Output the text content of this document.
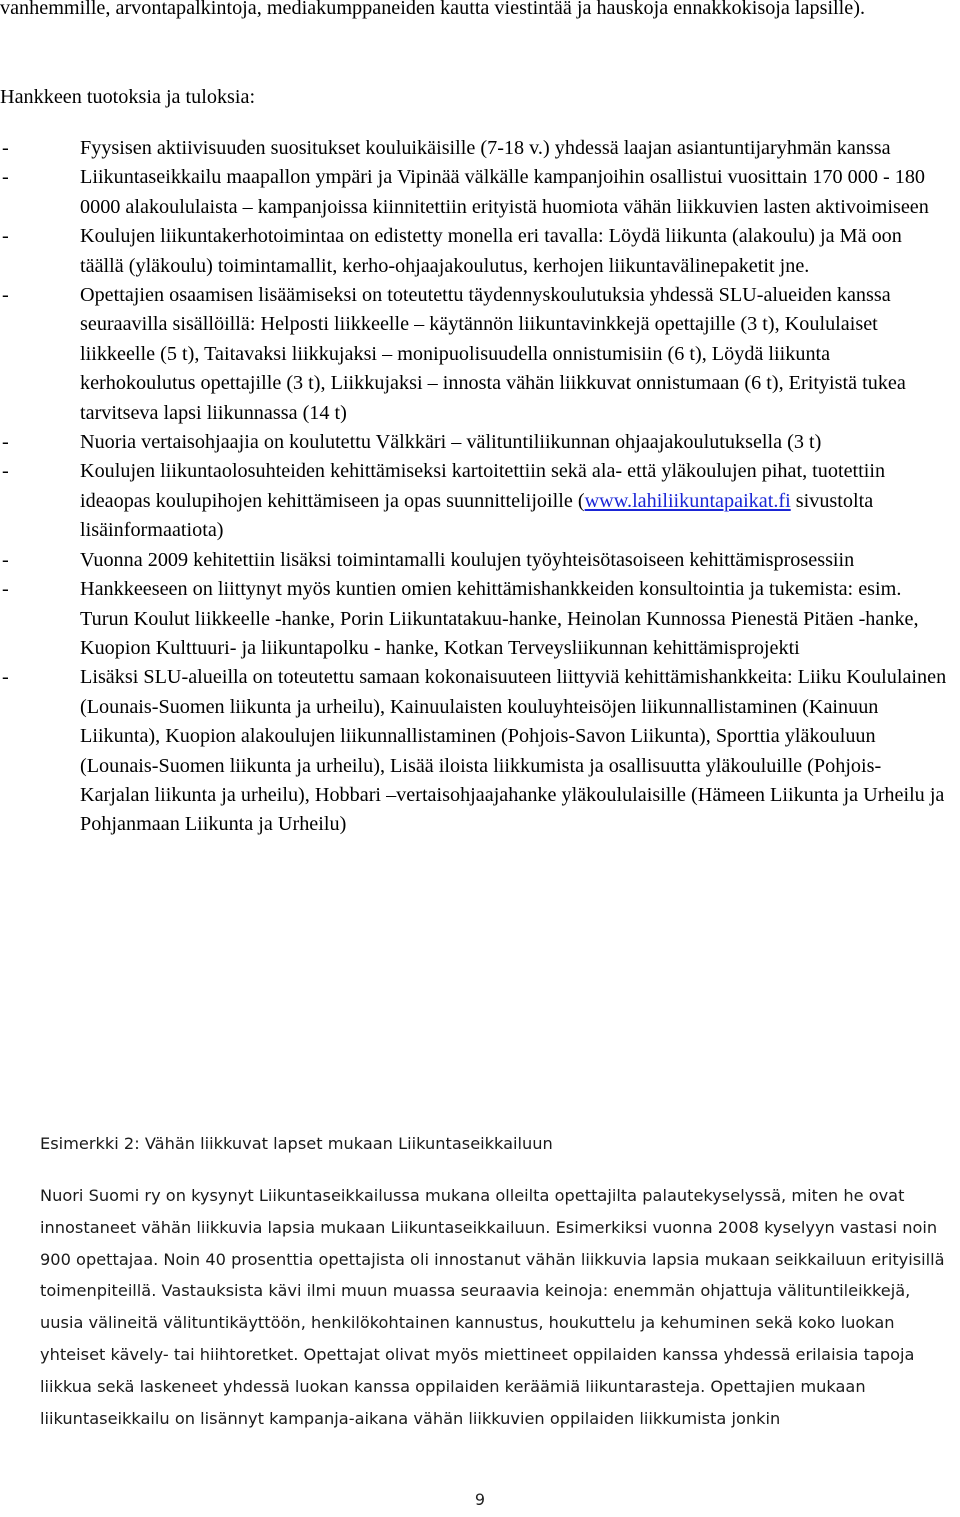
vanhemmille, arvontapalkintoja, mediakumppaneiden kautta viestintää ja hauskoja ennakkokisoja lapsille).

Hankkeen tuotoksia ja tuloksia:

-	Fyysisen aktiivisuuden suositukset kouluikäisille (7-18 v.) yhdessä laajan asiantuntijaryhmän kanssa
-	Liikuntaseikkailu maapallon ympäri ja Vipinää välkälle kampanjoihin osallistui vuosittain 170 000 - 180 0000 alakoululaista – kampanjoissa kiinnitettiin erityistä huomiota vähän liikkuvien lasten aktivoimiseen
-	Koulujen liikuntakerhotoimintaa on edistetty monella eri tavalla: Löydä liikunta (alakoulu) ja Mä oon täällä (yläkoulu) toimintamallit, kerho-ohjaajakoulutus, kerhojen liikuntavälinepaketit jne.
-	Opettajien osaamisen lisäämiseksi on toteutettu täydennyskoulutuksia yhdessä SLU-alueiden kanssa seuraavilla sisällöillä: Helposti liikkeelle – käytännön liikuntavinkkejä opettajille (3 t), Koululaiset liikkeelle (5 t), Taitavaksi liikkujaksi – monipuolisuudella onnistumisiin (6 t), Löydä liikunta kerhokoulutus opettajille (3 t), Liikkujaksi – innosta vähän liikkuvat onnistumaan (6 t), Erityistä tukea tarvitseva lapsi liikunnassa (14 t)
-	Nuoria vertaisohjaajia on koulutettu Välkkäri – välituntiliikunnan ohjaajakoulutuksella (3 t)
-	Koulujen liikuntaolosuhteiden kehittämiseksi kartoitettiin sekä ala- että yläkoulujen pihat, tuotettiin ideaopas koulupihojen kehittämiseen ja opas suunnittelijoille (www.lahiliikuntapaikat.fi sivustolta lisäinformaatiota)
-	Vuonna 2009 kehitettiin lisäksi toimintamalli koulujen työyhteisötasoiseen kehittämisprosessiin
-	Hankkeeseen on liittynyt myös kuntien omien kehittämishankkeiden konsultointia ja tukemista: esim. Turun Koulut liikkeelle -hanke, Porin Liikuntatakuu-hanke, Heinolan Kunnossa Pienestä Pitäen -hanke, Kuopion Kulttuuri- ja liikuntapolku - hanke, Kotkan Terveysliikunnan kehittämisprojekti
-	Lisäksi SLU-alueilla on toteutettu samaan kokonaisuuteen liittyviä kehittämishankkeita: Liiku Koululainen (Lounais-Suomen liikunta ja urheilu), Kainuulaisten kouluyhteisöjen liikunnallistaminen (Kainuun Liikunta), Kuopion alakoulujen liikunnallistaminen (Pohjois-Savon Liikunta), Sporttia yläkouluun (Lounais-Suomen liikunta ja urheilu), Lisää iloista liikkumista ja osallisuutta yläkouluille (Pohjois-Karjalan liikunta ja urheilu), Hobbari –vertaisohjaajahanke yläkoululaisille (Hämeen Liikunta ja Urheilu ja Pohjanmaan Liikunta ja Urheilu)

Esimerkki 2: Vähän liikkuvat lapset mukaan Liikuntaseikkailuun

Nuori Suomi ry on kysynyt Liikuntaseikkailussa mukana olleilta opettajilta palautekyselyssä, miten he ovat innostaneet vähän liikkuvia lapsia mukaan Liikuntaseikkailuun. Esimerkiksi vuonna 2008 kyselyyn vastasi noin 900 opettajaa. Noin 40 prosenttia opettajista oli innostanut vähän liikkuvia lapsia mukaan seikkailuun erityisillä toimenpiteillä. Vastauksista kävi ilmi muun muassa seuraavia keinoja: enemmän ohjattuja välituntileikkejä, uusia välineitä välituntikäyttöön, henkilökohtainen kannustus, houkuttelu ja kehuminen sekä koko luokan yhteiset kävely- tai hiihtoretket. Opettajat olivat myös miettineet oppilaiden kanssa yhdessä erilaisia tapoja liikkua sekä laskeneet yhdessä luokan kanssa oppilaiden keräämiä liikuntarasteja. Opettajien mukaan liikuntaseikkailu on lisännyt kampanja-aikana vähän liikkuvien oppilaiden liikkumista jonkin

9
